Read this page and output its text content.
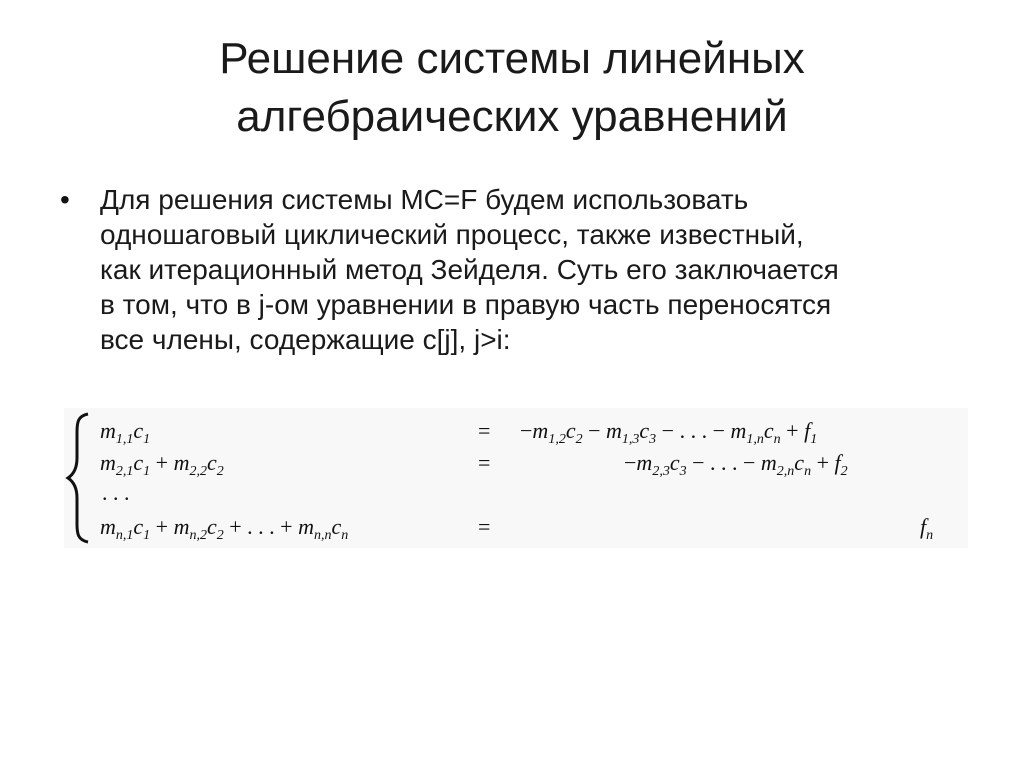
Решение системы линейных
алгебраических уравнений
• Для решения системы MC=F будем использовать
одношаговый циклический процесс, также известный,
как итерационный метод Зейделя. Суть его заключается
в том, что в j-ом уравнении в правую часть переносятся
все члены, содержащие c[j], j>i:
$m_{1,1}c_1$	= $-m_{1,2}c_2 - m_{1,3}c_3$ − . . . − $m_{1,n}c_n + f_1$
$m_{2,1}c_1 + m_{2,2}c_2$	=	$-m_{2,3}c_3$ − . . . − $m_{2,n}c_n + f_2$
. . .
$m_{n,1}c_1 + m_{n,2}c_2$ + . . . + $m_{n,n}c_n$	=	$f_n$
